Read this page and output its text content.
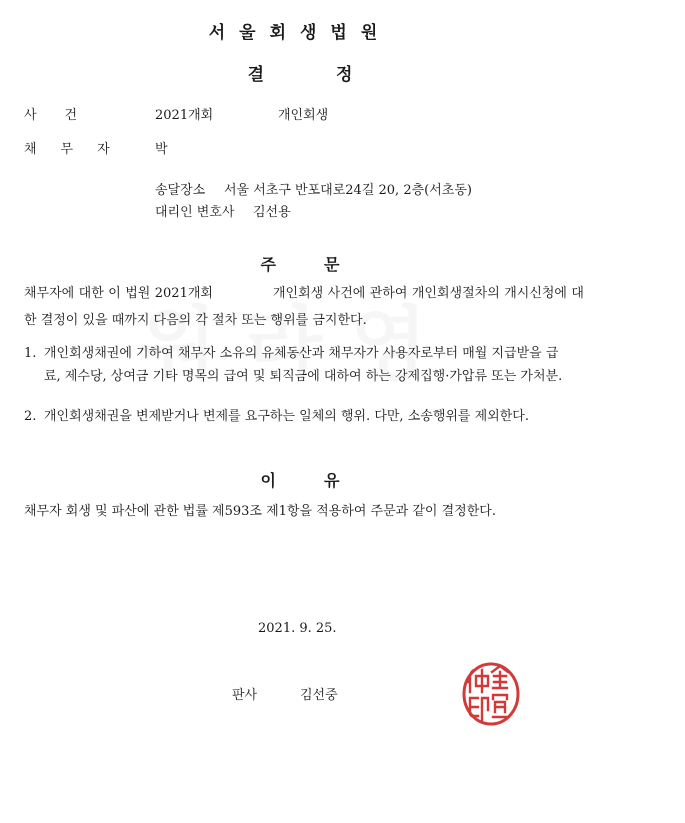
서울회생법원
결정
사건	2021개회	개인회생
채무자 박
송달장소 서울 서초구 반포대로24길 20, 2층(서초동)
대리인 변호사 김선용
주문
채무자에 대한 이 법원 2021개회	개인회생 사건에 관하여 개인회생절차의 개시신청에 대한 결정이 있을 때까지 다음의 각 절차 또는 행위를 금지한다.
1. 개인회생채권에 기하여 채무자 소유의 유체동산과 채무자가 사용자로부터 매월 지급받을 급료, 제수당, 상여금 기타 명목의 급여 및 퇴직금에 대하여 하는 강제집행·가압류 또는 가처분.
2. 개인회생채권을 변제받거나 변제를 요구하는 일체의 행위. 다만, 소송행위를 제외한다.
이유
채무자 회생 및 파산에 관한 법률 제593조 제1항을 적용하여 주문과 같이 결정한다.
2021. 9. 25.
판사	김선중
